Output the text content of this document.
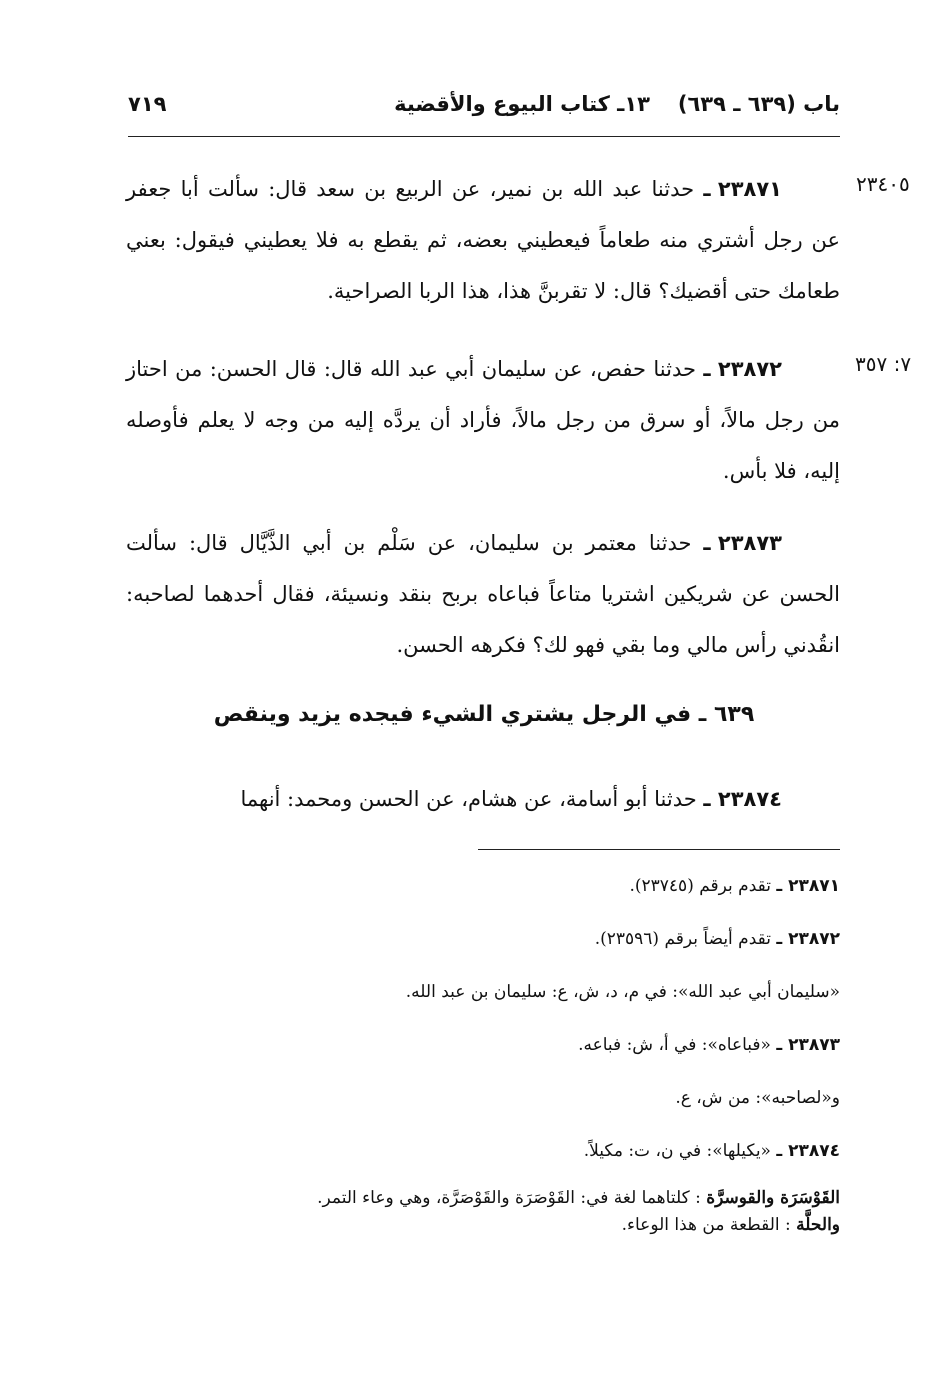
باب (٦٣٩ ـ ٦٣٩)
١٣ـ كتاب البيوع والأقضية
٧١٩
٢٣٤٠٥
٢٣٨٧١ ـ حدثنا عبد الله بن نمير، عن الربيع بن سعد قال: سألت أبا جعفر عن رجل أشتري منه طعاماً فيعطيني بعضه، ثم يقطع به فلا يعطيني فيقول: بعني طعامك حتى أقضيك؟ قال: لا تقربنَّ هذا، هذا الربا الصراحية.
٧: ٣٥٧
٢٣٨٧٢ ـ حدثنا حفص، عن سليمان أبي عبد الله قال: قال الحسن: من احتاز من رجل مالاً، أو سرق من رجل مالاً، فأراد أن يردَّه إليه من وجه لا يعلم فأوصله إليه، فلا بأس.
٢٣٨٧٣ ـ حدثنا معتمر بن سليمان، عن سَلْم بن أبي الذَّيَّال قال: سألت الحسن عن شريكين اشتريا متاعاً فباعاه بربح بنقد ونسيئة، فقال أحدهما لصاحبه: انقُدني رأس مالي وما بقي فهو لك؟ فكرهه الحسن.
٦٣٩ ـ في الرجل يشتري الشيء فيجده يزيد وينقص
٢٣٨٧٤ ـ حدثنا أبو أسامة، عن هشام، عن الحسن ومحمد: أنهما
٢٣٨٧١ ـ تقدم برقم (٢٣٧٤٥).
٢٣٨٧٢ ـ تقدم أيضاً برقم (٢٣٥٩٦).
«سليمان أبي عبد الله»: في م، د، ش، ع: سليمان بن عبد الله.
٢٣٨٧٣ ـ «فباعاه»: في أ، ش: فباعه.
و«لصاحبه»: من ش، ع.
٢٣٨٧٤ ـ «يكيلها»: في ن، ت: مكيلاً.
القَوْسَرَة والقوسرَّة : كلتاهما لغة في: القَوْصَرَة والقَوْصَرَّة، وهي وعاء التمر.
والحلَّة : القطعة من هذا الوعاء.
